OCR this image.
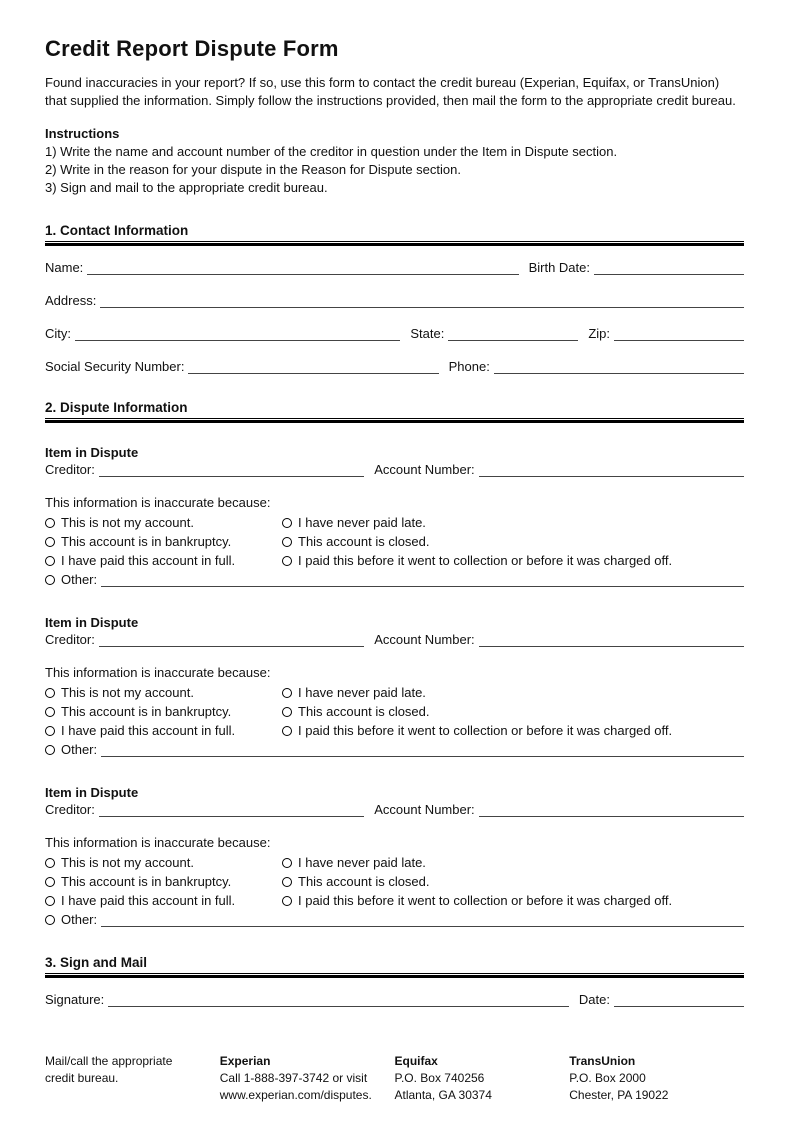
Credit Report Dispute Form
Found inaccuracies in your report? If so, use this form to contact the credit bureau (Experian, Equifax, or TransUnion) that supplied the information. Simply follow the instructions provided, then mail the form to the appropriate credit bureau.
Instructions
1) Write the name and account number of the creditor in question under the Item in Dispute section.
2) Write in the reason for your dispute in the Reason for Dispute section.
3) Sign and mail to the appropriate credit bureau.
1. Contact Information
Name:	Birth Date:
Address:
City:	State:	Zip:
Social Security Number:	Phone:
2. Dispute Information
Item in Dispute
Creditor:	Account Number:
This information is inaccurate because:
This is not my account.	I have never paid late.
This account is in bankruptcy.	This account is closed.
I have paid this account in full.	I paid this before it went to collection or before it was charged off.
Other:
Item in Dispute
Creditor:	Account Number:
This information is inaccurate because:
This is not my account.	I have never paid late.
This account is in bankruptcy.	This account is closed.
I have paid this account in full.	I paid this before it went to collection or before it was charged off.
Other:
Item in Dispute
Creditor:	Account Number:
This information is inaccurate because:
This is not my account.	I have never paid late.
This account is in bankruptcy.	This account is closed.
I have paid this account in full.	I paid this before it went to collection or before it was charged off.
Other:
3. Sign and Mail
Signature:	Date:
Mail/call the appropriate
credit bureau.
Experian
Call 1-888-397-3742 or visit
www.experian.com/disputes.
Equifax
P.O. Box 740256
Atlanta, GA 30374
TransUnion
P.O. Box 2000
Chester, PA 19022
